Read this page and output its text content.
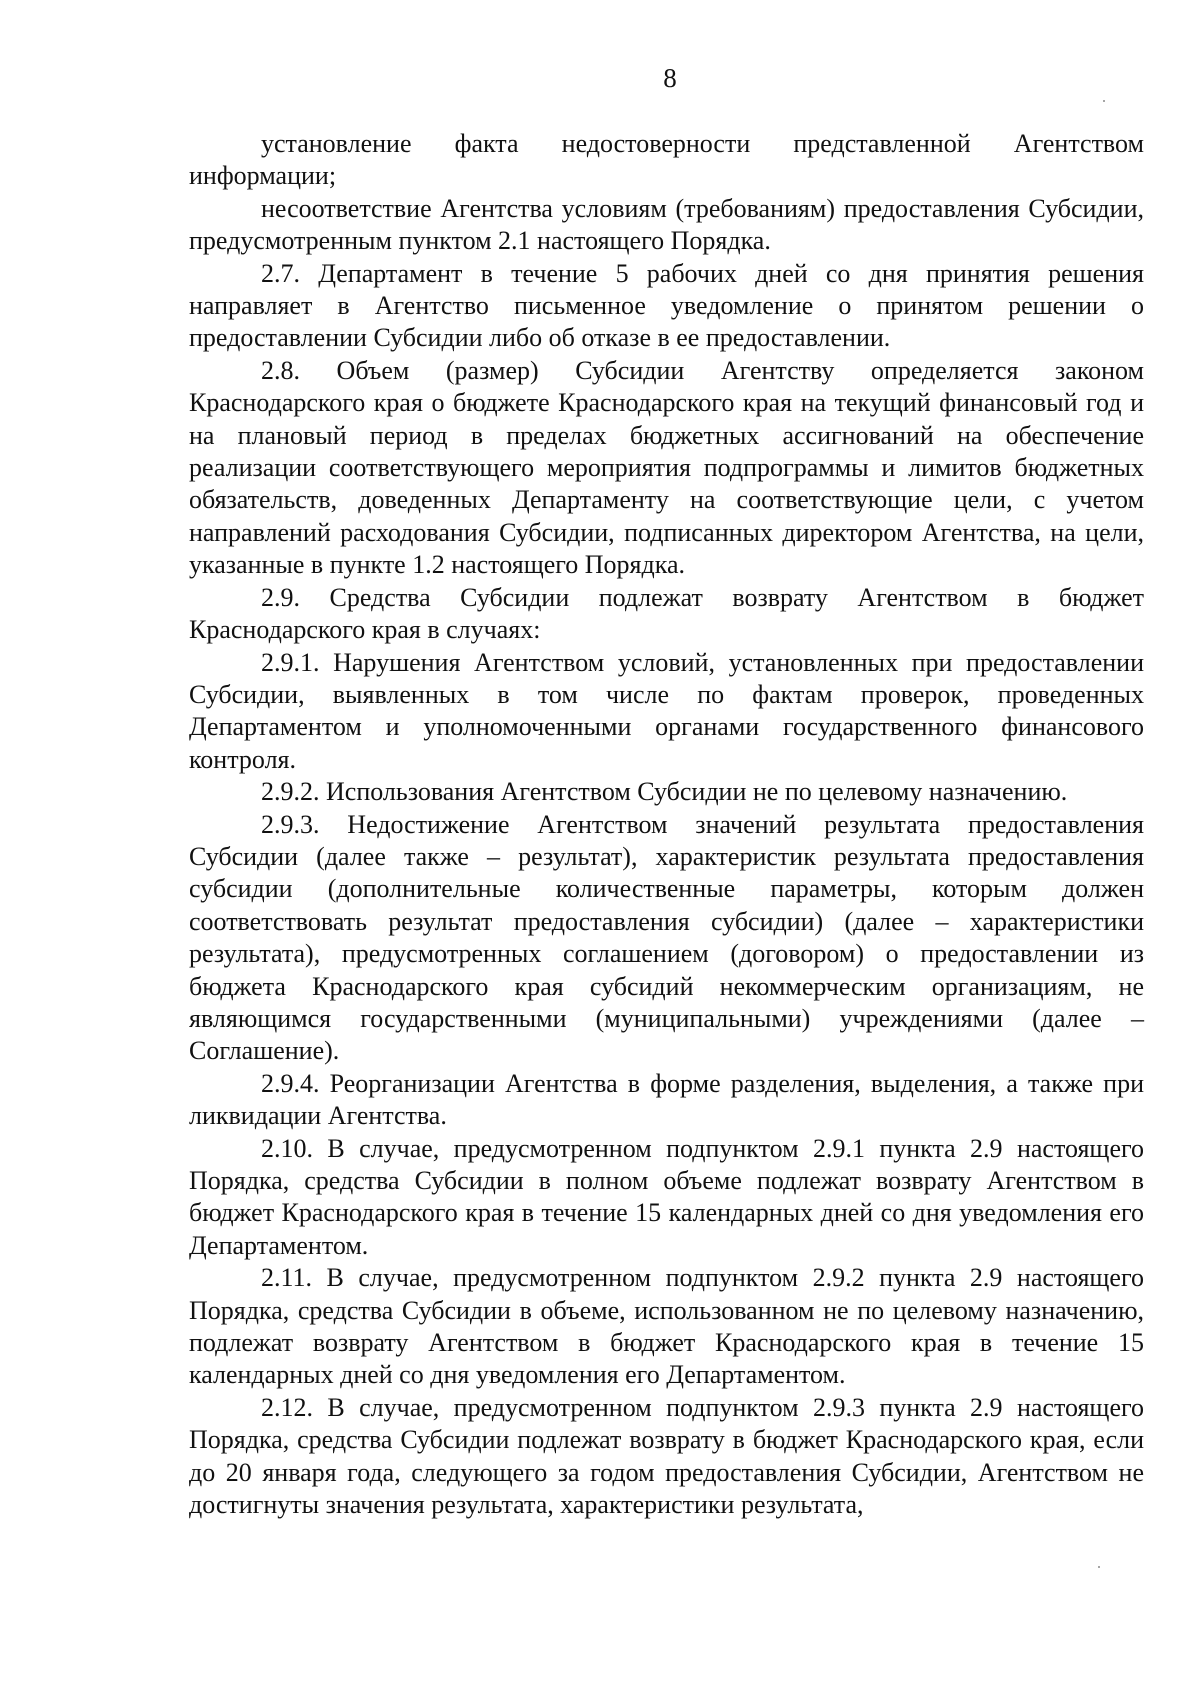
8

установление факта недостоверности представленной Агентством информации;

несоответствие Агентства условиям (требованиям) предоставления Субсидии, предусмотренным пунктом 2.1 настоящего Порядка.

2.7. Департамент в течение 5 рабочих дней со дня принятия решения направляет в Агентство письменное уведомление о принятом решении о предоставлении Субсидии либо об отказе в ее предоставлении.

2.8. Объем (размер) Субсидии Агентству определяется законом Краснодарского края о бюджете Краснодарского края на текущий финансовый год и на плановый период в пределах бюджетных ассигнований на обеспечение реализации соответствующего мероприятия подпрограммы и лимитов бюджетных обязательств, доведенных Департаменту на соответствующие цели, с учетом направлений расходования Субсидии, подписанных директором Агентства, на цели, указанные в пункте 1.2 настоящего Порядка.

2.9. Средства Субсидии подлежат возврату Агентством в бюджет Краснодарского края в случаях:

2.9.1. Нарушения Агентством условий, установленных при предоставлении Субсидии, выявленных в том числе по фактам проверок, проведенных Департаментом и уполномоченными органами государственного финансового контроля.

2.9.2. Использования Агентством Субсидии не по целевому назначению.

2.9.3. Недостижение Агентством значений результата предоставления Субсидии (далее также – результат), характеристик результата предоставления субсидии (дополнительные количественные параметры, которым должен соответствовать результат предоставления субсидии) (далее – характеристики результата), предусмотренных соглашением (договором) о предоставлении из бюджета Краснодарского края субсидий некоммерческим организациям, не являющимся государственными (муниципальными) учреждениями (далее – Соглашение).

2.9.4. Реорганизации Агентства в форме разделения, выделения, а также при ликвидации Агентства.

2.10. В случае, предусмотренном подпунктом 2.9.1 пункта 2.9 настоящего Порядка, средства Субсидии в полном объеме подлежат возврату Агентством в бюджет Краснодарского края в течение 15 календарных дней со дня уведомления его Департаментом.

2.11. В случае, предусмотренном подпунктом 2.9.2 пункта 2.9 настоящего Порядка, средства Субсидии в объеме, использованном не по целевому назначению, подлежат возврату Агентством в бюджет Краснодарского края в течение 15 календарных дней со дня уведомления его Департаментом.

2.12. В случае, предусмотренном подпунктом 2.9.3 пункта 2.9 настоящего Порядка, средства Субсидии подлежат возврату в бюджет Краснодарского края, если до 20 января года, следующего за годом предоставления Субсидии, Агентством не достигнуты значения результата, характеристики результата,
